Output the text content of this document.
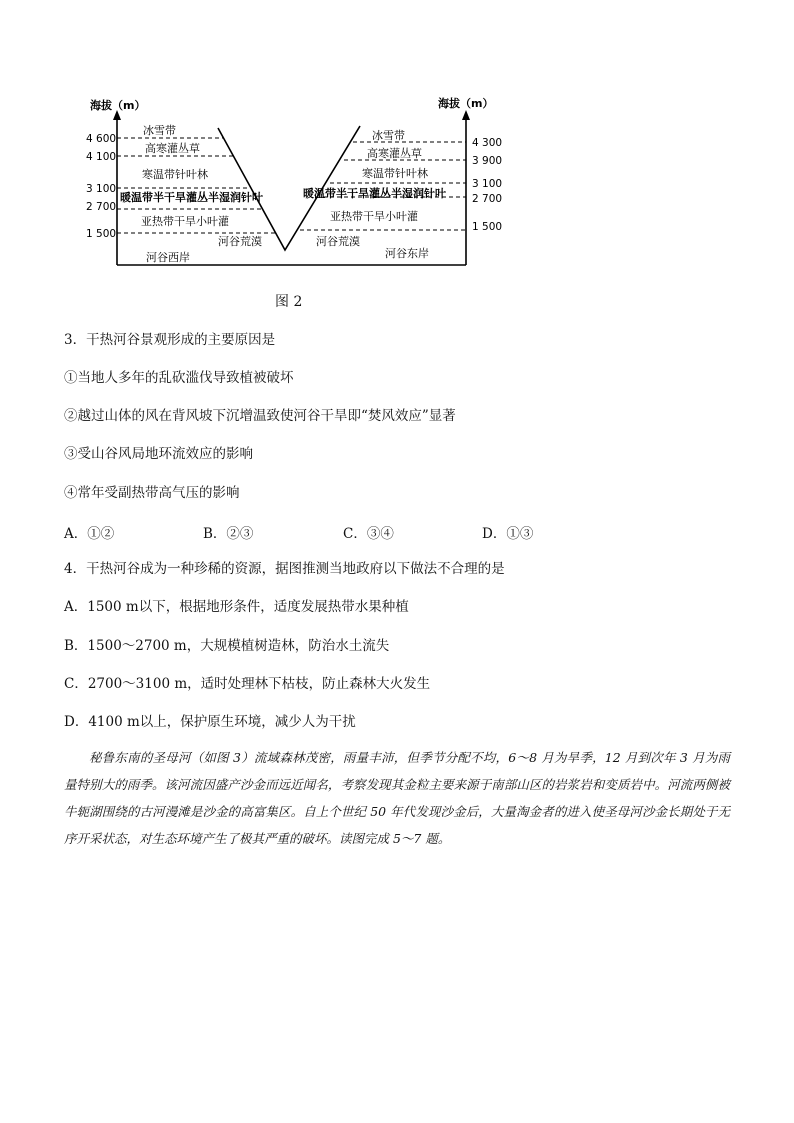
海拔（m）	海拔（m）
4 600
4 100
3 100
2 700
1 500
4 300
3 900
3 100
2 700
1 500
冰雪带
高寒灌丛草
寒温带针叶林
暖温带半干旱灌丛半湿润针叶
亚热带干旱小叶灌
河谷荒漠
冰雪带
高寒灌丛草
寒温带针叶林
暖温带半干旱灌丛半湿润针叶
亚热带干旱小叶灌
河谷荒漠
河谷西岸	河谷东岸
图 2
3．干热河谷景观形成的主要原因是
①当地人多年的乱砍滥伐导致植被破坏
②越过山体的风在背风坡下沉增温致使河谷干旱即“焚风效应”显著
③受山谷风局地环流效应的影响
④常年受副热带高气压的影响
A．①②	B．②③	C．③④	D．①③
4．干热河谷成为一种珍稀的资源，据图推测当地政府以下做法不合理的是
A．1500 m以下，根据地形条件，适度发展热带水果种植
B．1500～2700 m，大规模植树造林，防治水土流失
C．2700～3100 m，适时处理林下枯枝，防止森林大火发生
D．4100 m以上，保护原生环境，减少人为干扰
秘鲁东南的圣母河（如图 3）流域森林茂密，雨量丰沛，但季节分配不均，6～8 月为旱季，12 月到次年 3 月为雨量特别大的雨季。该河流因盛产沙金而远近闻名，考察发现其金粒主要来源于南部山区的岩浆岩和变质岩中。河流两侧被牛轭湖围绕的古河漫滩是沙金的高富集区。自上个世纪 50 年代发现沙金后，大量淘金者的进入使圣母河沙金长期处于无序开采状态，对生态环境产生了极其严重的破坏。读图完成 5～7 题。
